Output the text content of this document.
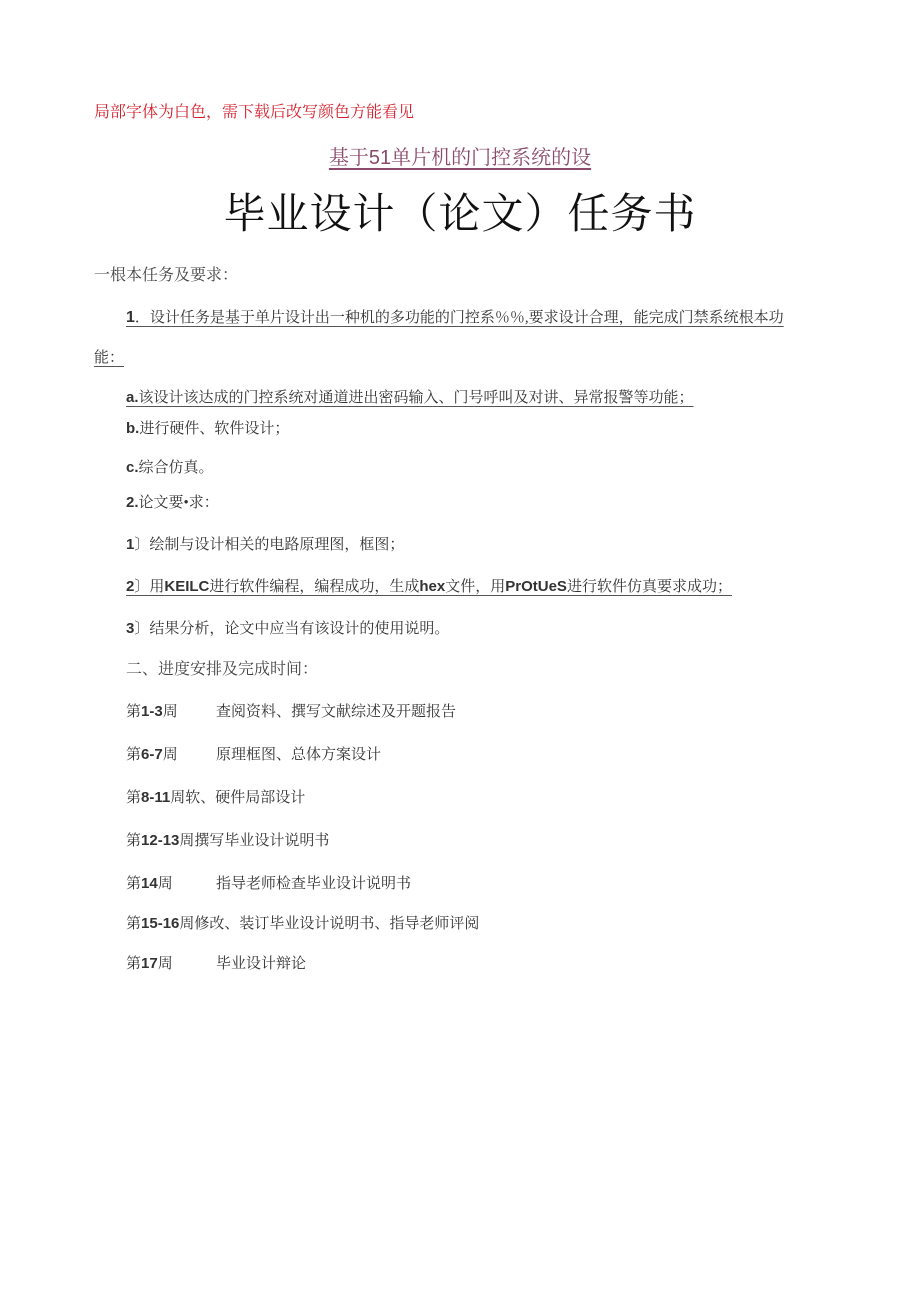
局部字体为白色，需下载后改写颜色方能看见
基于51单片机的门控系统的设
毕业设计（论文）任务书
一根本任务及要求：
1．设计任务是基于单片设计出一种机的多功能的门控系％％,要求设计合理，能完成门禁系统根本功
能：
a.该设计该达成的门控系统对通道进出密码输入、门号呼叫及对讲、异常报警等功能；
b.进行硬件、软件设计；
c.综合仿真。
2.论文要•求：
1〕绘制与设计相关的电路原理图，框图；
2〕用KEILC进行软件编程，编程成功，生成hex文件，用PrOtUeS进行软件仿真要求成功；
3〕结果分析，论文中应当有该设计的使用说明。
二、进度安排及完成时间：
第1-3周	查阅资料、撰写文献综述及开题报告
第6-7周	原理框图、总体方案设计
第8-11周软、硬件局部设计
第12-13周撰写毕业设计说明书
第14周	指导老师检查毕业设计说明书
第15-16周修改、装订毕业设计说明书、指导老师评阅
第17周	毕业设计辩论
